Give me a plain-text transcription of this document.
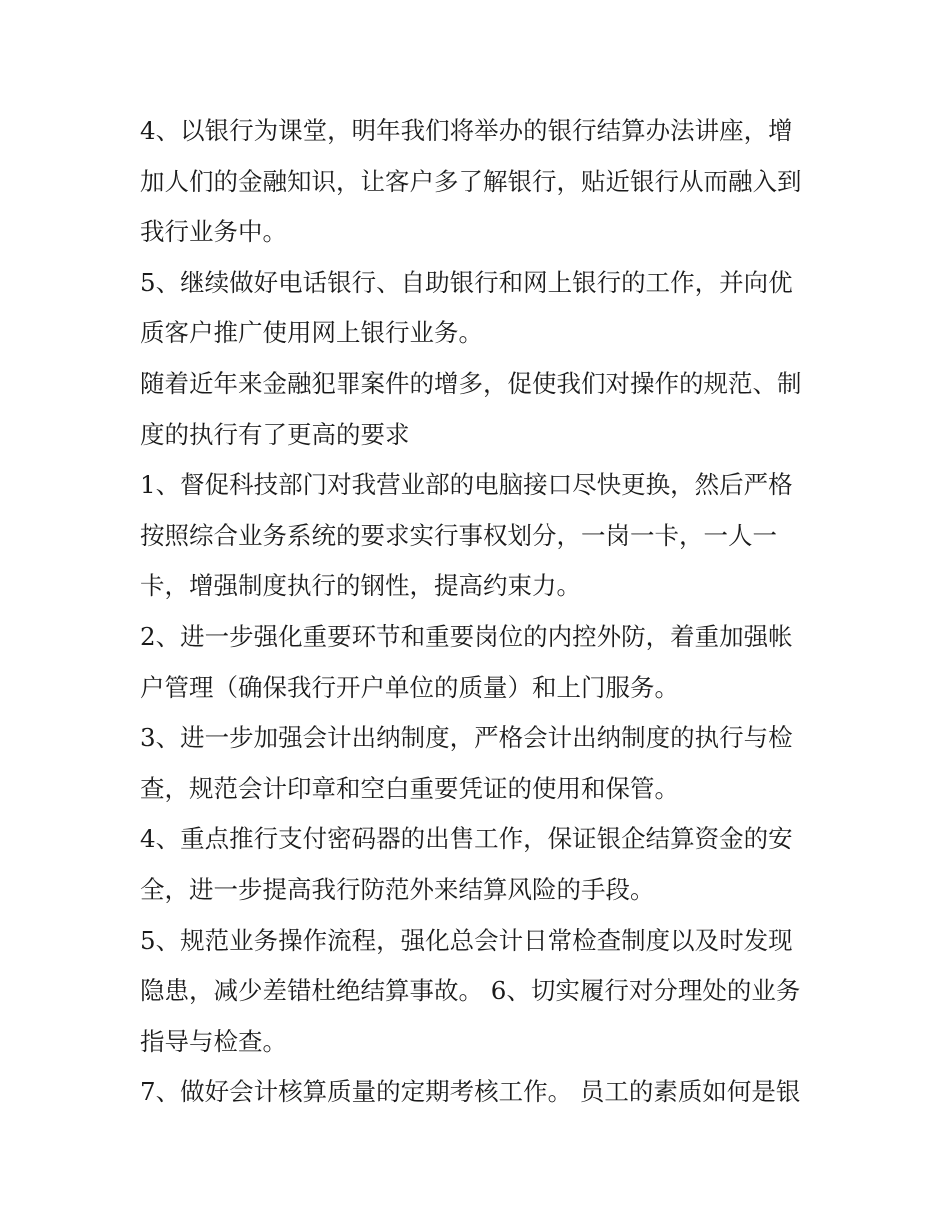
4、以银行为课堂，明年我们将举办的银行结算办法讲座，增
加人们的金融知识，让客户多了解银行，贴近银行从而融入到
我行业务中。
5、继续做好电话银行、自助银行和网上银行的工作，并向优
质客户推广使用网上银行业务。
随着近年来金融犯罪案件的增多，促使我们对操作的规范、制
度的执行有了更高的要求
1、督促科技部门对我营业部的电脑接口尽快更换，然后严格
按照综合业务系统的要求实行事权划分，一岗一卡，一人一
卡，增强制度执行的钢性，提高约束力。
2、进一步强化重要环节和重要岗位的内控外防，着重加强帐
户管理（确保我行开户单位的质量）和上门服务。
3、进一步加强会计出纳制度，严格会计出纳制度的执行与检
查，规范会计印章和空白重要凭证的使用和保管。
4、重点推行支付密码器的出售工作，保证银企结算资金的安
全，进一步提高我行防范外来结算风险的手段。
5、规范业务操作流程，强化总会计日常检查制度以及时发现
隐患，减少差错杜绝结算事故。 6、切实履行对分理处的业务
指导与检查。
7、做好会计核算质量的定期考核工作。 员工的素质如何是银
